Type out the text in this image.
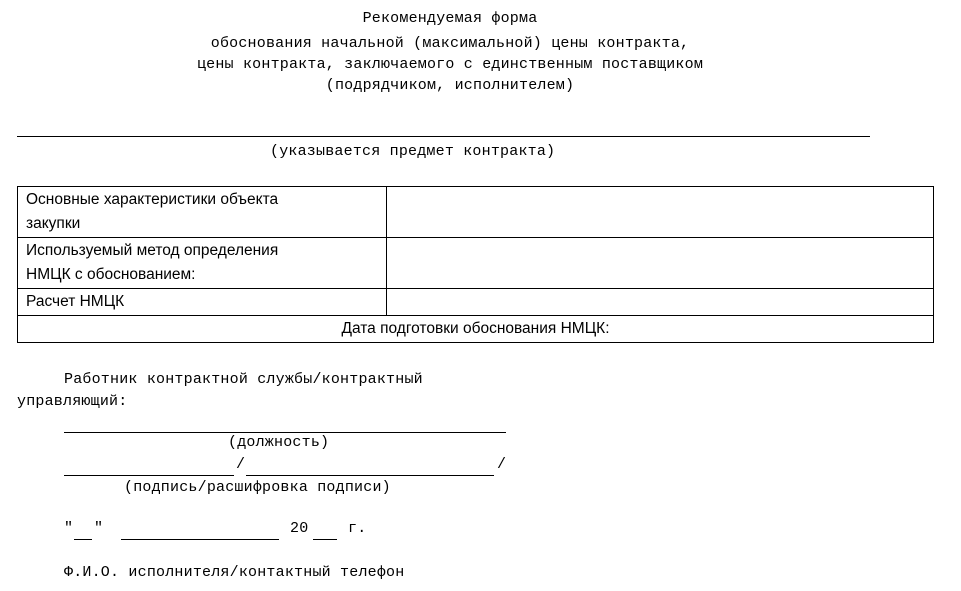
Рекомендуемая форма
обоснования начальной (максимальной) цены контракта,
цены контракта, заключаемого с единственным поставщиком
(подрядчиком, исполнителем)
(указывается предмет контракта)
Основные характеристики объекта
закупки	

Используемый метод определения
НМЦК с обоснованием:	

Расчет НМЦК	
Дата подготовки обоснования НМЦК:	
Работник контрактной службы/контрактный
управляющий:
(должность)
/	/
(подпись/расшифровка подписи)
" "	20	г.
Ф.И.О. исполнителя/контактный телефон
